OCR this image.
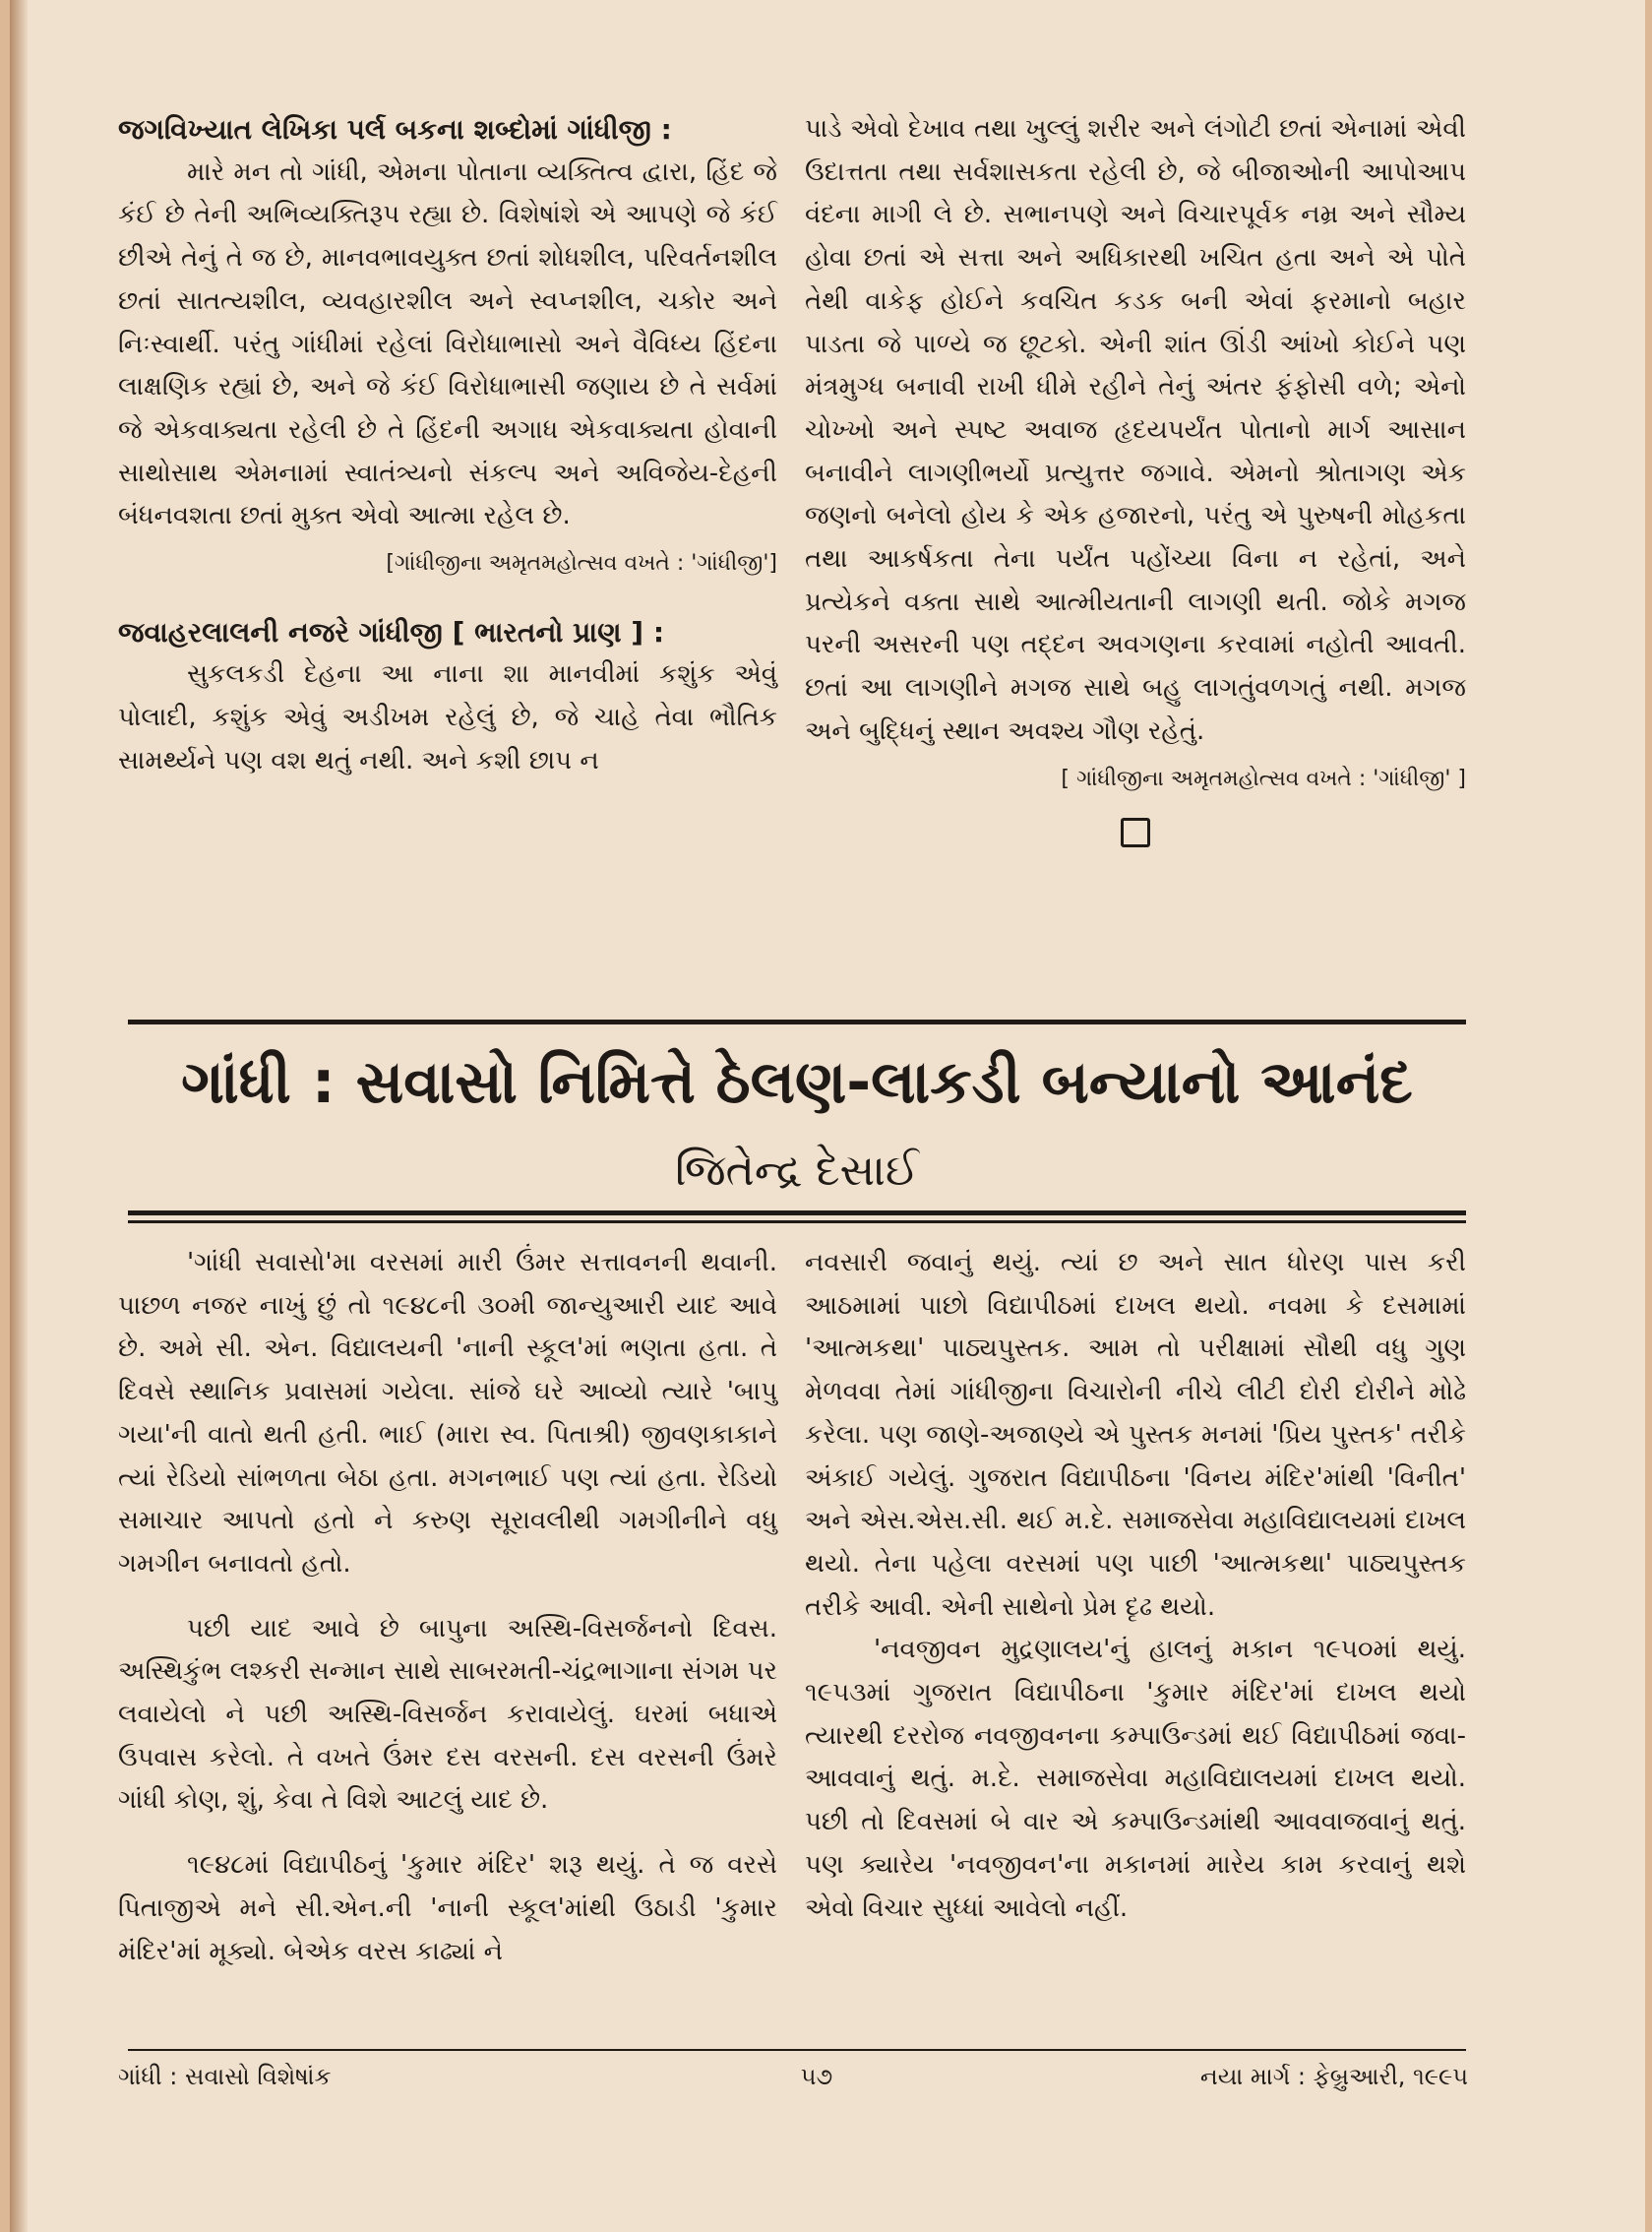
જગવિખ્યાત લેખિકા પર્લ બકના શબ્દોમાં ગાંધીજી :

મારે મન તો ગાંધી, એમના પોતાના વ્યક્તિત્વ દ્વારા, હિંદ જે કંઈ છે તેની અભિવ્યક્તિરૂપ રહ્યા છે. વિશેષાંશે એ આપણે જે કંઈ છીએ તેનું તે જ છે, માનવભાવયુક્ત છતાં શોધશીલ, પરિવર્તનશીલ છતાં સાતત્યશીલ, વ્યવહારશીલ અને સ્વપ્નશીલ, ચકોર અને નિઃસ્વાર્થી. પરંતુ ગાંધીમાં રહેલાં વિરોધાભાસો અને વૈવિધ્ય હિંદના લાક્ષણિક રહ્યાં છે, અને જે કંઈ વિરોધાભાસી જણાય છે તે સર્વમાં જે એકવાક્યતા રહેલી છે તે હિંદની અગાધ એકવાક્યતા હોવાની સાથોસાથ એમનામાં સ્વાતંત્ર્યનો સંકલ્પ અને અવિજેય-દેહની બંધનવશતા છતાં મુક્ત એવો આત્મા રહેલ છે.

[ગાંધીજીના અમૃતમહોત્સવ વખતે : 'ગાંધીજી']

જવાહરલાલની નજરે ગાંધીજી [ ભારતનો પ્રાણ ] :

સુકલકડી દેહના આ નાના શા માનવીમાં કશુંક એવું પોલાદી, કશુંક એવું અડીખમ રહેલું છે, જે ચાહે તેવા ભૌતિક સામર્થ્યને પણ વશ થતું નથી. અને કશી છાપ ન

પાડે એવો દેખાવ તથા ખુલ્લું શરીર અને લંગોટી છતાં એનામાં એવી ઉદાત્તતા તથા સર્વશાસકતા રહેલી છે, જે બીજાઓની આપોઆપ વંદના માગી લે છે. સભાનપણે અને વિચારપૂર્વક નમ્ર અને સૌમ્ય હોવા છતાં એ સત્તા અને અધિકારથી ખચિત હતા અને એ પોતે તેથી વાકેફ હોઈને કવચિત કડક બની એવાં ફરમાનો બહાર પાડતા જે પાળ્યે જ છૂટકો. એની શાંત ઊંડી આંખો કોઈને પણ મંત્રમુગ્ધ બનાવી રાખી ધીમે રહીને તેનું અંતર ફંફોસી વળે; એનો ચોખ્ખો અને સ્પષ્ટ અવાજ હૃદયપર્યંત પોતાનો માર્ગ આસાન બનાવીને લાગણીભર્યો પ્રત્યુત્તર જગાવે. એમનો શ્રોતાગણ એક જણનો બનેલો હોય કે એક હજારનો, પરંતુ એ પુરુષની મોહકતા તથા આકર્ષકતા તેના પર્યંત પહોંચ્યા વિના ન રહેતાં, અને પ્રત્યેકને વક્તા સાથે આત્મીયતાની લાગણી થતી. જોકે મગજ પરની અસરની પણ તદ્દન અવગણના કરવામાં નહોતી આવતી. છતાં આ લાગણીને મગજ સાથે બહુ લાગતુંવળગતું નથી. મગજ અને બુદ્ધિનું સ્થાન અવશ્ય ગૌણ રહેતું.

[ ગાંધીજીના અમૃતમહોત્સવ વખતે : 'ગાંધીજી' ]

ગાંધી : સવાસો નિમિત્તે ઠેલણ-લાકડી બન્યાનો આનંદ
જિતેન્દ્ર દેસાઈ

'ગાંધી સવાસો'મા વરસમાં મારી ઉંમર સત્તાવનની થવાની. પાછળ નજર નાખું છું તો ૧૯૪૮ની ૩૦મી જાન્યુઆરી યાદ આવે છે. અમે સી. એન. વિદ્યાલયની 'નાની સ્કૂલ'માં ભણતા હતા. તે દિવસે સ્થાનિક પ્રવાસમાં ગયેલા. સાંજે ઘરે આવ્યો ત્યારે 'બાપુ ગયા'ની વાતો થતી હતી. ભાઈ (મારા સ્વ. પિતાશ્રી) જીવણકાકાને ત્યાં રેડિયો સાંભળતા બેઠા હતા. મગનભાઈ પણ ત્યાં હતા. રેડિયો સમાચાર આપતો હતો ને કરુણ સૂરાવલીથી ગમગીનીને વધુ ગમગીન બનાવતો હતો.

પછી યાદ આવે છે બાપુના અસ્થિ-વિસર્જનનો દિવસ. અસ્થિકુંભ લશ્કરી સન્માન સાથે સાબરમતી-ચંદ્રભાગાના સંગમ પર લવાયેલો ને પછી અસ્થિ-વિસર્જન કરાવાયેલું. ઘરમાં બધાએ ઉપવાસ કરેલો. તે વખતે ઉંમર દસ વરસની. દસ વરસની ઉંમરે ગાંધી કોણ, શું, કેવા તે વિશે આટલું યાદ છે.

૧૯૪૮માં વિદ્યાપીઠનું 'કુમાર મંદિર' શરૂ થયું. તે જ વરસે પિતાજીએ મને સી.એન.ની 'નાની સ્કૂલ'માંથી ઉઠાડી 'કુમાર મંદિર'માં મૂક્યો. બેએક વરસ કાઢ્યાં ને

નવસારી જવાનું થયું. ત્યાં છ અને સાત ધોરણ પાસ કરી આઠમામાં પાછો વિદ્યાપીઠમાં દાખલ થયો. નવમા કે દસમામાં 'આત્મકથા' પાઠ્યપુસ્તક. આમ તો પરીક્ષામાં સૌથી વધુ ગુણ મેળવવા તેમાં ગાંધીજીના વિચારોની નીચે લીટી દોરી દોરીને મોઢે કરેલા. પણ જાણે-અજાણ્યે એ પુસ્તક મનમાં 'પ્રિય પુસ્તક' તરીકે અંકાઈ ગયેલું. ગુજરાત વિદ્યાપીઠના 'વિનય મંદિર'માંથી 'વિનીત' અને એસ.એસ.સી. થઈ મ.દે. સમાજસેવા મહાવિદ્યાલયમાં દાખલ થયો. તેના પહેલા વરસમાં પણ પાછી 'આત્મકથા' પાઠ્યપુસ્તક તરીકે આવી. એની સાથેનો પ્રેમ દૃઢ થયો.

'નવજીવન મુદ્રણાલય'નું હાલનું મકાન ૧૯૫૦માં થયું. ૧૯૫૩માં ગુજરાત વિદ્યાપીઠના 'કુમાર મંદિર'માં દાખલ થયો ત્યારથી દરરોજ નવજીવનના કમ્પાઉન્ડમાં થઈ વિદ્યાપીઠમાં જવા-આવવાનું થતું. મ.દે. સમાજસેવા મહાવિદ્યાલયમાં દાખલ થયો. પછી તો દિવસમાં બે વાર એ કમ્પાઉન્ડમાંથી આવવાજવાનું થતું. પણ ક્યારેય 'નવજીવન'ના મકાનમાં મારેય કામ કરવાનું થશે એવો વિચાર સુધ્ધાં આવેલો નહીં.

ગાંધી : સવાસો વિશેષાંક	૫૭	નયા માર્ગ : ફેબ્રુઆરી, ૧૯૯૫
